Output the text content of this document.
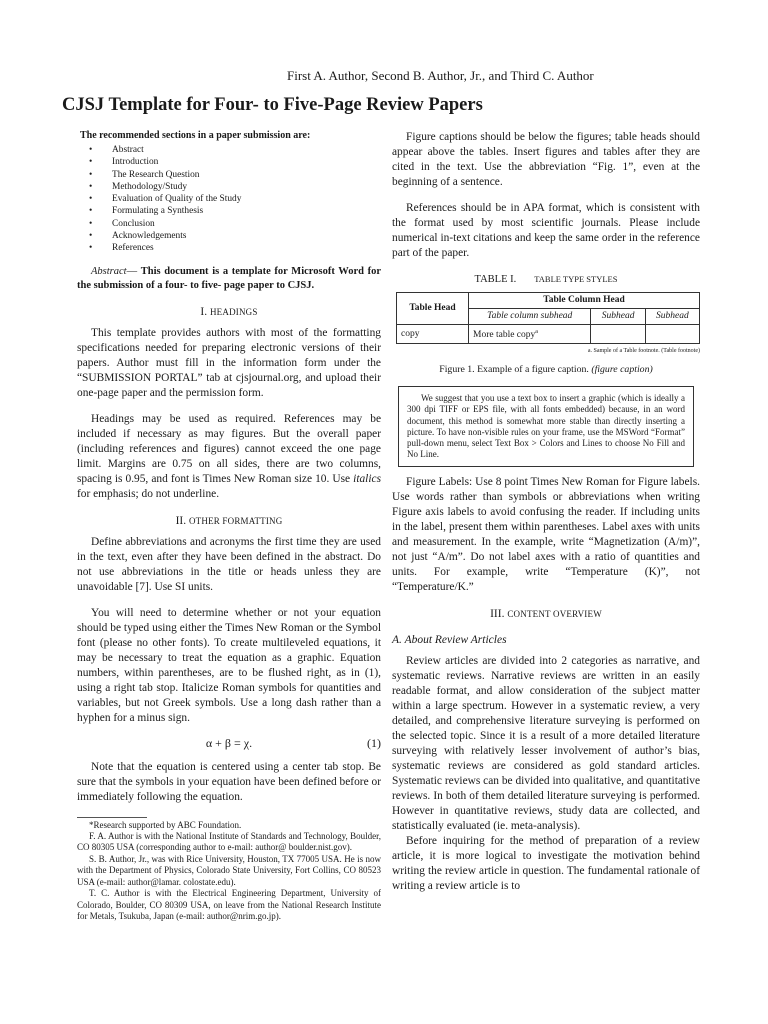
First A. Author, Second B. Author, Jr., and Third C. Author
CJSJ Template for Four- to Five-Page Review Papers
The recommended sections in a paper submission are:
• Abstract
• Introduction
• The Research Question
• Methodology/Study
• Evaluation of Quality of the Study
• Formulating a Synthesis
• Conclusion
• Acknowledgements
• References

Abstract— This document is a template for Microsoft Word for the submission of a four- to five- page paper to CJSJ.

I. HEADINGS

This template provides authors with most of the formatting specifications needed for preparing electronic versions of their papers. Author must fill in the information form under the “SUBMISSION PORTAL” tab at cjsjournal.org, and upload their one-page paper and the permission form.

Headings may be used as required. References may be included if necessary as may figures. But the overall paper (including references and figures) cannot exceed the one page limit. Margins are 0.75 on all sides, there are two columns, spacing is 0.95, and font is Times New Roman size 10. Use italics for emphasis; do not underline.

II. OTHER FORMATTING

Define abbreviations and acronyms the first time they are used in the text, even after they have been defined in the abstract. Do not use abbreviations in the title or heads unless they are unavoidable [7]. Use SI units.

You will need to determine whether or not your equation should be typed using either the Times New Roman or the Symbol font (please no other fonts). To create multileveled equations, it may be necessary to treat the equation as a graphic. Equation numbers, within parentheses, are to be flushed right, as in (1), using a right tab stop. Italicize Roman symbols for quantities and variables, but not Greek symbols. Use a long dash rather than a hyphen for a minus sign.

α + β = χ.	(1)

Note that the equation is centered using a center tab stop. Be sure that the symbols in your equation have been defined before or immediately following the equation.

*Research supported by ABC Foundation.

F. A. Author is with the National Institute of Standards and Technology, Boulder, CO 80305 USA (corresponding author to e-mail: author@ boulder.nist.gov).

S. B. Author, Jr., was with Rice University, Houston, TX 77005 USA. He is now with the Department of Physics, Colorado State University, Fort Collins, CO 80523 USA (e-mail: author@lamar. colostate.edu).

T. C. Author is with the Electrical Engineering Department, University of Colorado, Boulder, CO 80309 USA, on leave from the National Research Institute for Metals, Tsukuba, Japan (e-mail: author@nrim.go.jp).

Figure captions should be below the figures; table heads should appear above the tables. Insert figures and tables after they are cited in the text. Use the abbreviation “Fig. 1”, even at the beginning of a sentence.

References should be in APA format, which is consistent with the format used by most scientific journals. Please include numerical in-text citations and keep the same order in the reference part of the paper.

TABLE I. TABLE TYPE STYLES
Table Head	Table Column Head		
	Table column subhead	Subhead	Subhead
copy	More table copy$^a$		
a. Sample of a Table footnote. (Table footnote)
Figure 1. Example of a figure caption. (figure caption)

We suggest that you use a text box to insert a graphic (which is ideally a 300 dpi TIFF or EPS file, with all fonts embedded) because, in an word document, this method is somewhat more stable than directly inserting a picture. To have non-visible rules on your frame, use the MSWord “Format” pull-down menu, select Text Box > Colors and Lines to choose No Fill and No Line.

Figure Labels: Use 8 point Times New Roman for Figure labels. Use words rather than symbols or abbreviations when writing Figure axis labels to avoid confusing the reader. If including units in the label, present them within parentheses. Label axes with units and measurement. In the example, write “Magnetization (A/m)”, not just “A/m”. Do not label axes with a ratio of quantities and units. For example, write “Temperature (K)”, not “Temperature/K.”

III. CONTENT OVERVIEW
A. About Review Articles

Review articles are divided into 2 categories as narrative, and systematic reviews. Narrative reviews are written in an easily readable format, and allow consideration of the subject matter within a large spectrum. However in a systematic review, a very detailed, and comprehensive literature surveying is performed on the selected topic. Since it is a result of a more detailed literature surveying with relatively lesser involvement of author’s bias, systematic reviews are considered as gold standard articles. Systematic reviews can be divided into qualitative, and quantitative reviews. In both of them detailed literature surveying is performed. However in quantitative reviews, study data are collected, and statistically evaluated (ie. meta-analysis).

Before inquiring for the method of preparation of a review article, it is more logical to investigate the motivation behind writing the review article in question. The fundamental rationale of writing a review article is to
